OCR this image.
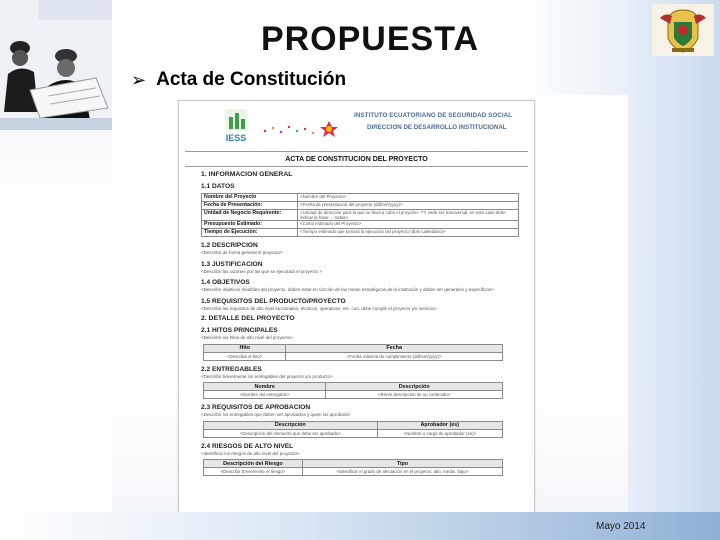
PROPUESTA
➢ Acta de Constitución
IESS
INSTITUTO ECUATORIANO DE SEGURIDAD SOCIAL
DIRECCION DE DESARROLLO INSTITUCIONAL
ACTA DE CONSTITUCION DEL PROYECTO
1. INFORMACION GENERAL
1.1 DATOS
Nombre del Proyecto	<Nombre del Proyecto>
Fecha de Presentación:	<Fecha de presentación del proyecto (dd/mm/yyyy)>
Unidad de Negocio Requirente:	<Unidad de dirección para la que se lleva a cabo el proyecto. **Y cede ser transversal, en este caso debe indicar la frase ... todas>
Presupuesto Estimado:	<Costo estimado del Proyecto>
Tiempo de Ejecución:	<Tiempo estimado que tomará la ejecución del proyecto (días calendario)>
1.2 DESCRIPCION
<Describir de forma general el proyecto>
1.3 JUSTIFICACION
<Describir las razones por las que se ejecutará el proyecto >
1.4 OBJETIVOS
<Describir objetivos medibles del proyecto, deben estar en función de las metas estratégicas de la institución y deben ser generales y específicos>
1.5 REQUISITOS DEL PRODUCTO/PROYECTO
<Describir las requisitos de alto nivel funcionales, técnicos, operativos, etc. con, debe cumplir el proyecto y/o servicio>
2. DETALLE DEL PROYECTO
2.1 HITOS PRINCIPALES
<Describir los hitos de alto nivel del proyecto>
Hito	Fecha
<Describa el hito>	<Fecha máxima de cumplimiento (dd/mm/yyyy)>
2.2 ENTREGABLES
<Describir brevemente los entregables del proyecto y/o producto>
Nombre	Descripción
<Nombre del entregable>	<Breve descripción de su contenido>
2.3 REQUISITOS DE APROBACION
<Describir los entregables que deben ser aprobados y quien los aprobará>
Descripción	Aprobador (es)
<Descripción del elemento que debe ser aprobado>	<Nombre o cargo de aprobador (es)>
2.4 RIESGOS DE ALTO NIVEL
<Identificar los riesgos de alto nivel del proyecto>
Descripción del Riesgo	Tipo
<Describir brevemente el riesgo>	<Identificar el grado de afectación en el proyecto: alto, medio, bajo>
Mayo 2014
